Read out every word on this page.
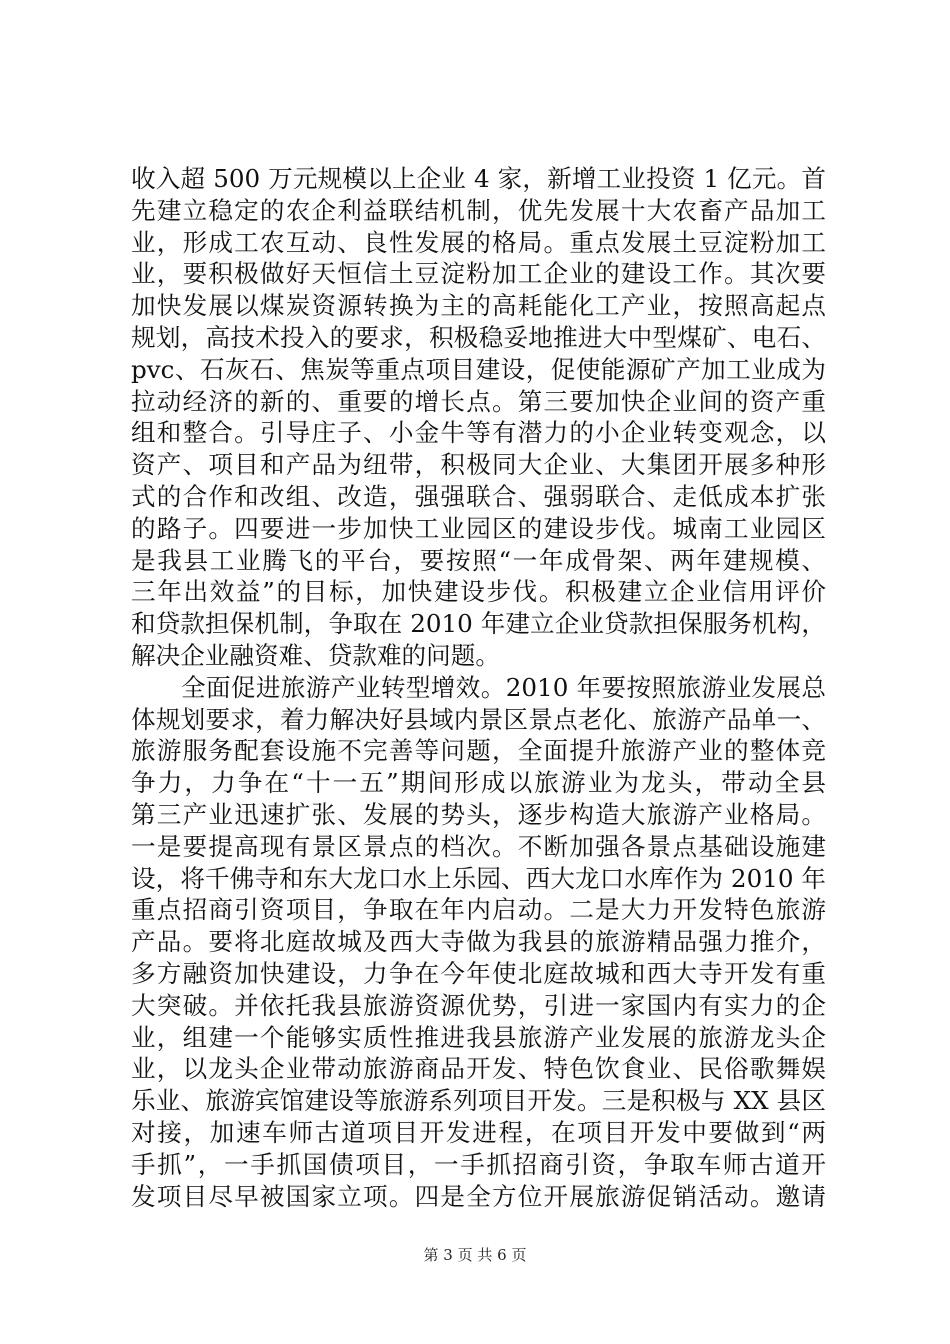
收入超 500 万元规模以上企业 4 家，新增工业投资 1 亿元。首
先建立稳定的农企利益联结机制，优先发展十大农畜产品加工
业，形成工农互动、良性发展的格局。重点发展土豆淀粉加工
业，要积极做好天恒信土豆淀粉加工企业的建设工作。其次要
加快发展以煤炭资源转换为主的高耗能化工产业，按照高起点
规划，高技术投入的要求，积极稳妥地推进大中型煤矿、电石、
pvc、石灰石、焦炭等重点项目建设，促使能源矿产加工业成为
拉动经济的新的、重要的增长点。第三要加快企业间的资产重
组和整合。引导庄子、小金牛等有潜力的小企业转变观念，以
资产、项目和产品为纽带，积极同大企业、大集团开展多种形
式的合作和改组、改造，强强联合、强弱联合、走低成本扩张
的路子。四要进一步加快工业园区的建设步伐。城南工业园区
是我县工业腾飞的平台，要按照“一年成骨架、两年建规模、
三年出效益”的目标，加快建设步伐。积极建立企业信用评价
和贷款担保机制，争取在 2010 年建立企业贷款担保服务机构，
解决企业融资难、贷款难的问题。
　　全面促进旅游产业转型增效。2010 年要按照旅游业发展总
体规划要求，着力解决好县域内景区景点老化、旅游产品单一、
旅游服务配套设施不完善等问题，全面提升旅游产业的整体竞
争力，力争在“十一五”期间形成以旅游业为龙头，带动全县
第三产业迅速扩张、发展的势头，逐步构造大旅游产业格局。
一是要提高现有景区景点的档次。不断加强各景点基础设施建
设，将千佛寺和东大龙口水上乐园、西大龙口水库作为 2010 年
重点招商引资项目，争取在年内启动。二是大力开发特色旅游
产品。要将北庭故城及西大寺做为我县的旅游精品强力推介，
多方融资加快建设，力争在今年使北庭故城和西大寺开发有重
大突破。并依托我县旅游资源优势，引进一家国内有实力的企
业，组建一个能够实质性推进我县旅游产业发展的旅游龙头企
业，以龙头企业带动旅游商品开发、特色饮食业、民俗歌舞娱
乐业、旅游宾馆建设等旅游系列项目开发。三是积极与 XX 县区
对接，加速车师古道项目开发进程，在项目开发中要做到“两
手抓”，一手抓国债项目，一手抓招商引资，争取车师古道开
发项目尽早被国家立项。四是全方位开展旅游促销活动。邀请
第 3 页 共 6 页
